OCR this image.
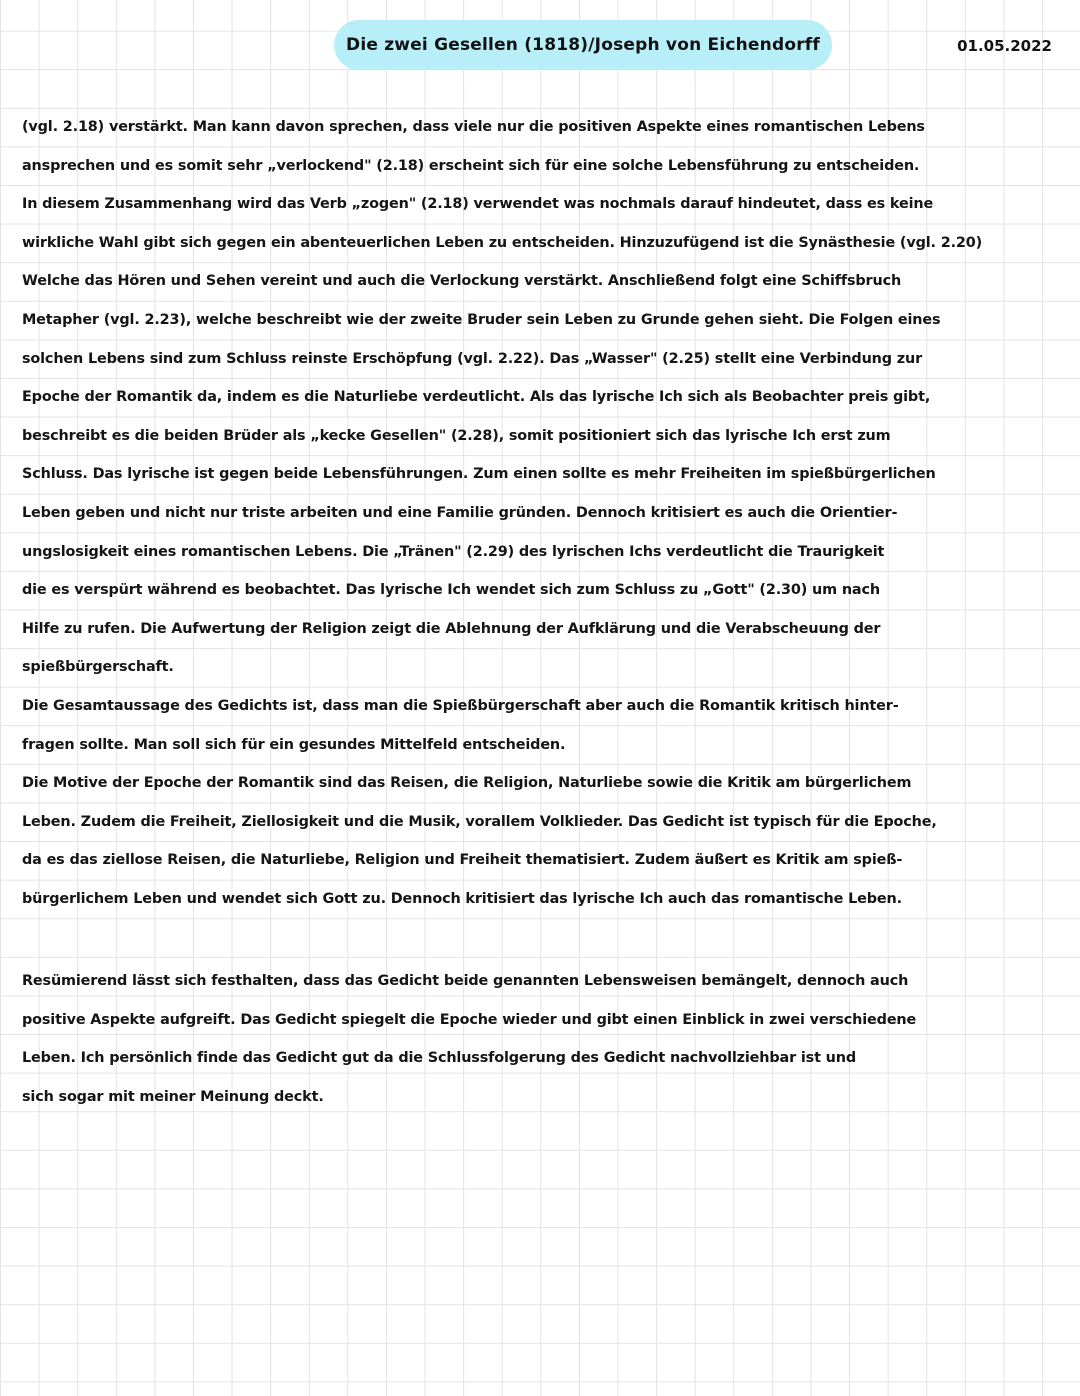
Die zwei Gesellen (1818)/Joseph von Eichendorff	01.05.2022
(vgl. 2.18) verstärkt. Man kann davon sprechen, dass viele nur die positiven Aspekte eines romantischen Lebens
ansprechen und es somit sehr „verlockend" (2.18) erscheint sich für eine solche Lebensführung zu entscheiden.
In diesem Zusammenhang wird das Verb „zogen" (2.18) verwendet was nochmals darauf hindeutet, dass es keine
wirkliche Wahl gibt sich gegen ein abenteuerlichen Leben zu entscheiden. Hinzuzufügend ist die Synästhesie (vgl. 2.20)
Welche das Hören und Sehen vereint und auch die Verlockung verstärkt. Anschließend folgt eine Schiffsbruch
Metapher (vgl. 2.23), welche beschreibt wie der zweite Bruder sein Leben zu Grunde gehen sieht. Die Folgen eines
solchen Lebens sind zum Schluss reinste Erschöpfung (vgl. 2.22). Das „Wasser" (2.25) stellt eine Verbindung zur
Epoche der Romantik da, indem es die Naturliebe verdeutlicht. Als das lyrische Ich sich als Beobachter preis gibt,
beschreibt es die beiden Brüder als „kecke Gesellen" (2.28), somit positioniert sich das lyrische Ich erst zum
Schluss. Das lyrische ist gegen beide Lebensführungen. Zum einen sollte es mehr Freiheiten im spießbürgerlichen
Leben geben und nicht nur triste arbeiten und eine Familie gründen. Dennoch kritisiert es auch die Orientier-
ungslosigkeit eines romantischen Lebens. Die „Tränen" (2.29) des lyrischen Ichs verdeutlicht die Traurigkeit
die es verspürt während es beobachtet. Das lyrische Ich wendet sich zum Schluss zu „Gott" (2.30) um nach
Hilfe zu rufen. Die Aufwertung der Religion zeigt die Ablehnung der Aufklärung und die Verabscheuung der
spießbürgerschaft.
Die Gesamtaussage des Gedichts ist, dass man die Spießbürgerschaft aber auch die Romantik kritisch hinter-
fragen sollte. Man soll sich für ein gesundes Mittelfeld entscheiden.
Die Motive der Epoche der Romantik sind das Reisen, die Religion, Naturliebe sowie die Kritik am bürgerlichem
Leben. Zudem die Freiheit, Ziellosigkeit und die Musik, vorallem Volklieder. Das Gedicht ist typisch für die Epoche,
da es das ziellose Reisen, die Naturliebe, Religion und Freiheit thematisiert. Zudem äußert es Kritik am spieß-
bürgerlichem Leben und wendet sich Gott zu. Dennoch kritisiert das lyrische Ich auch das romantische Leben.
Resümierend lässt sich festhalten, dass das Gedicht beide genannten Lebensweisen bemängelt, dennoch auch
positive Aspekte aufgreift. Das Gedicht spiegelt die Epoche wieder und gibt einen Einblick in zwei verschiedene
Leben. Ich persönlich finde das Gedicht gut da die Schlussfolgerung des Gedicht nachvollziehbar ist und
sich sogar mit meiner Meinung deckt.
